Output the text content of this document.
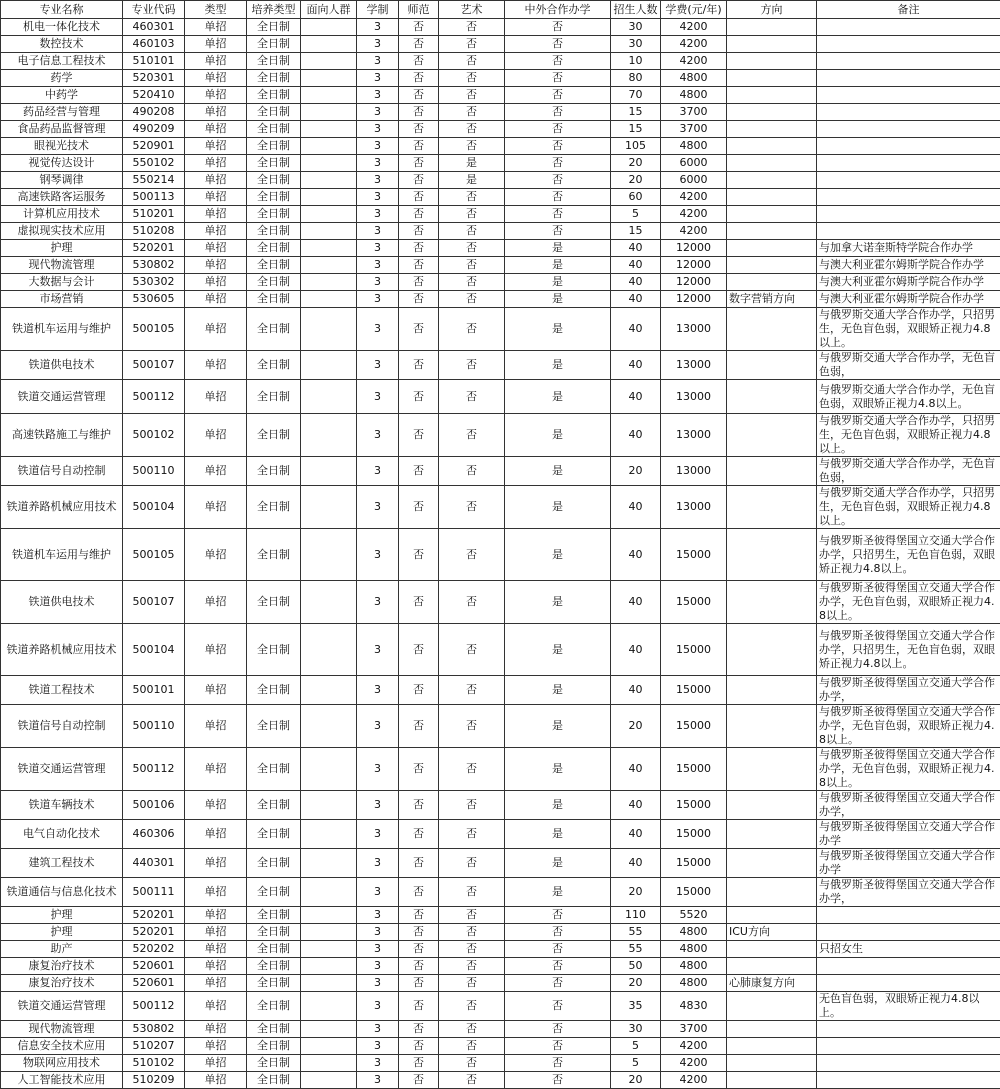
专业名称	专业代码	类型	培养类型	面向人群	学制	师范	艺术	中外合作办学	招生人数	学费(元/年)	方向	备注
机电一体化技术	460301	单招	全日制		3	否	否	否	30	4200		
数控技术	460103	单招	全日制		3	否	否	否	30	4200		
电子信息工程技术	510101	单招	全日制		3	否	否	否	10	4200		
药学	520301	单招	全日制		3	否	否	否	80	4800		
中药学	520410	单招	全日制		3	否	否	否	70	4800		
药品经营与管理	490208	单招	全日制		3	否	否	否	15	3700		
食品药品监督管理	490209	单招	全日制		3	否	否	否	15	3700		
眼视光技术	520901	单招	全日制		3	否	否	否	105	4800		
视觉传达设计	550102	单招	全日制		3	否	是	否	20	6000		
钢琴调律	550214	单招	全日制		3	否	是	否	20	6000		
高速铁路客运服务	500113	单招	全日制		3	否	否	否	60	4200		
计算机应用技术	510201	单招	全日制		3	否	否	否	5	4200		
虚拟现实技术应用	510208	单招	全日制		3	否	否	否	15	4200		
护理	520201	单招	全日制		3	否	否	是	40	12000		与加拿大诺奎斯特学院合作办学
现代物流管理	530802	单招	全日制		3	否	否	是	40	12000		与澳大利亚霍尔姆斯学院合作办学
大数据与会计	530302	单招	全日制		3	否	否	是	40	12000		与澳大利亚霍尔姆斯学院合作办学
市场营销	530605	单招	全日制		3	否	否	是	40	12000	数字营销方向	与澳大利亚霍尔姆斯学院合作办学
铁道机车运用与维护	500105	单招	全日制		3	否	否	是	40	13000		与俄罗斯交通大学合作办学，只招男生，无色盲色弱，双眼矫正视力4.8以上。
铁道供电技术	500107	单招	全日制		3	否	否	是	40	13000		与俄罗斯交通大学合作办学，无色盲色弱，
铁道交通运营管理	500112	单招	全日制		3	否	否	是	40	13000		与俄罗斯交通大学合作办学，无色盲色弱，双眼矫正视力4.8以上。
高速铁路施工与维护	500102	单招	全日制		3	否	否	是	40	13000		与俄罗斯交通大学合作办学，只招男生，无色盲色弱，双眼矫正视力4.8以上。
铁道信号自动控制	500110	单招	全日制		3	否	否	是	20	13000		与俄罗斯交通大学合作办学，无色盲色弱，
铁道养路机械应用技术	500104	单招	全日制		3	否	否	是	40	13000		与俄罗斯交通大学合作办学，只招男生，无色盲色弱，双眼矫正视力4.8以上。
铁道机车运用与维护	500105	单招	全日制		3	否	否	是	40	15000		与俄罗斯圣彼得堡国立交通大学合作办学，只招男生，无色盲色弱，双眼矫正视力4.8以上。
铁道供电技术	500107	单招	全日制		3	否	否	是	40	15000		与俄罗斯圣彼得堡国立交通大学合作办学，无色盲色弱，双眼矫正视力4.8以上。
铁道养路机械应用技术	500104	单招	全日制		3	否	否	是	40	15000		与俄罗斯圣彼得堡国立交通大学合作办学，只招男生，无色盲色弱，双眼矫正视力4.8以上。
铁道工程技术	500101	单招	全日制		3	否	否	是	40	15000		与俄罗斯圣彼得堡国立交通大学合作办学，
铁道信号自动控制	500110	单招	全日制		3	否	否	是	20	15000		与俄罗斯圣彼得堡国立交通大学合作办学，无色盲色弱，双眼矫正视力4.8以上。
铁道交通运营管理	500112	单招	全日制		3	否	否	是	40	15000		与俄罗斯圣彼得堡国立交通大学合作办学，无色盲色弱，双眼矫正视力4.8以上。
铁道车辆技术	500106	单招	全日制		3	否	否	是	40	15000		与俄罗斯圣彼得堡国立交通大学合作办学，
电气自动化技术	460306	单招	全日制		3	否	否	是	40	15000		与俄罗斯圣彼得堡国立交通大学合作办学
建筑工程技术	440301	单招	全日制		3	否	否	是	40	15000		与俄罗斯圣彼得堡国立交通大学合作办学
铁道通信与信息化技术	500111	单招	全日制		3	否	否	是	20	15000		与俄罗斯圣彼得堡国立交通大学合作办学，
护理	520201	单招	全日制		3	否	否	否	110	5520		
护理	520201	单招	全日制		3	否	否	否	55	4800	ICU方向	
助产	520202	单招	全日制		3	否	否	否	55	4800		只招女生
康复治疗技术	520601	单招	全日制		3	否	否	否	50	4800		
康复治疗技术	520601	单招	全日制		3	否	否	否	20	4800	心肺康复方向	
铁道交通运营管理	500112	单招	全日制		3	否	否	否	35	4830		无色盲色弱，双眼矫正视力4.8以上。
现代物流管理	530802	单招	全日制		3	否	否	否	30	3700		
信息安全技术应用	510207	单招	全日制		3	否	否	否	5	4200		
物联网应用技术	510102	单招	全日制		3	否	否	否	5	4200		
人工智能技术应用	510209	单招	全日制		3	否	否	否	20	4200		
